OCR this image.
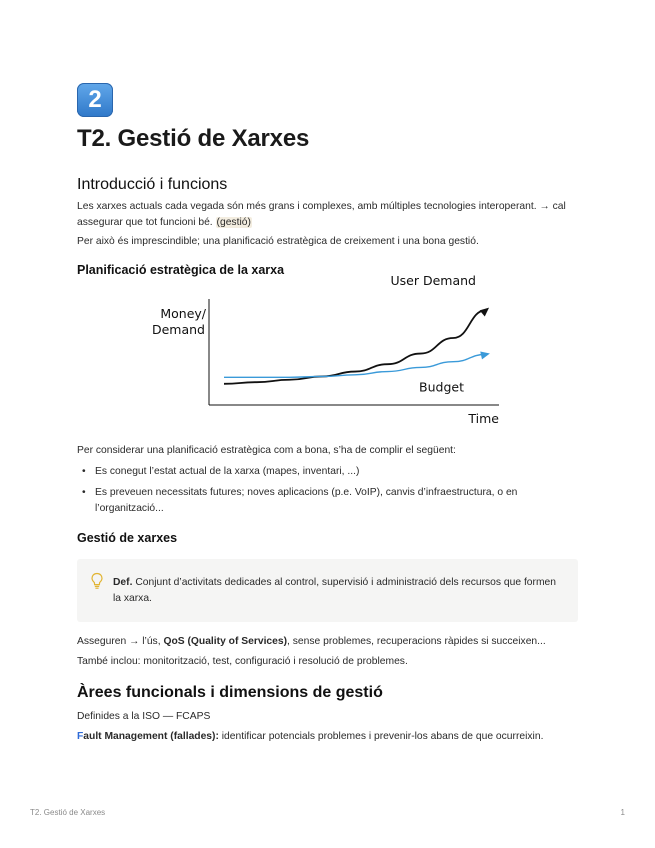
2
T2. Gestió de Xarxes
Introducció i funcions

Les xarxes actuals cada vegada són més grans i complexes, amb múltiples tecnologies interoperant. → cal assegurar que tot funcioni bé. (gestió)

Per això és imprescindible; una planificació estratègica de creixement i una bona gestió.

Planificació estratègica de la xarxa
Money/
Demand
Time
User Demand
Budget

Per considerar una planificació estratègica com a bona, s’ha de complir el següent:

• Es conegut l’estat actual de la xarxa (mapes, inventari, ...)
• Es preveuen necessitats futures; noves aplicacions (p.e. VoIP), canvis d’infraestructura, o en l’organització...
Gestió de xarxes
Def. Conjunt d’activitats dedicades al control, supervisió i administració dels recursos que formen la xarxa.

Asseguren → l’ús, QoS (Quality of Services), sense problemes, recuperacions ràpides si succeixen...

També inclou: monitorització, test, configuració i resolució de problemes.

Àrees funcionals i dimensions de gestió

Definides a la ISO — FCAPS

Fault Management (fallades): identificar potencials problemes i prevenir-los abans de que ocurreixin.

T2. Gestió de Xarxes	1
